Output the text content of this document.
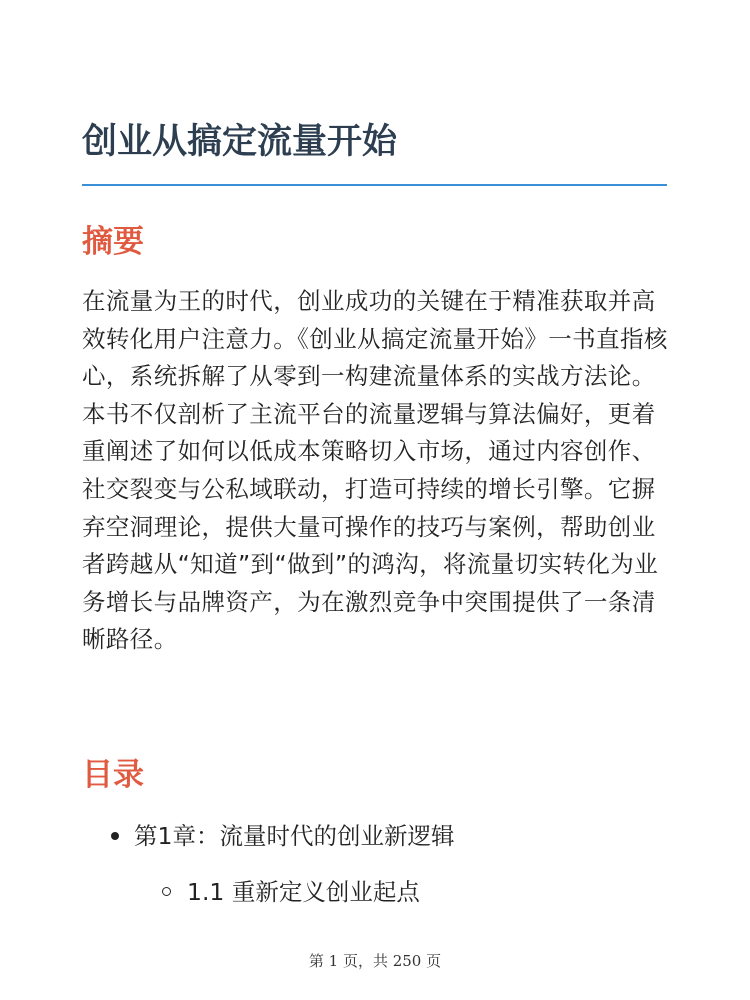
创业从搞定流量开始
摘要

在流量为王的时代，创业成功的关键在于精准获取并高效转化用户注意力。《创业从搞定流量开始》一书直指核心，系统拆解了从零到一构建流量体系的实战方法论。本书不仅剖析了主流平台的流量逻辑与算法偏好，更着重阐述了如何以低成本策略切入市场，通过内容创作、社交裂变与公私域联动，打造可持续的增长引擎。它摒弃空洞理论，提供大量可操作的技巧与案例，帮助创业者跨越从“知道”到“做到”的鸿沟，将流量切实转化为业务增长与品牌资产，为在激烈竞争中突围提供了一条清晰路径。

目录
第1章：流量时代的创业新逻辑
1.1 重新定义创业起点
第 1 页，共 250 页
